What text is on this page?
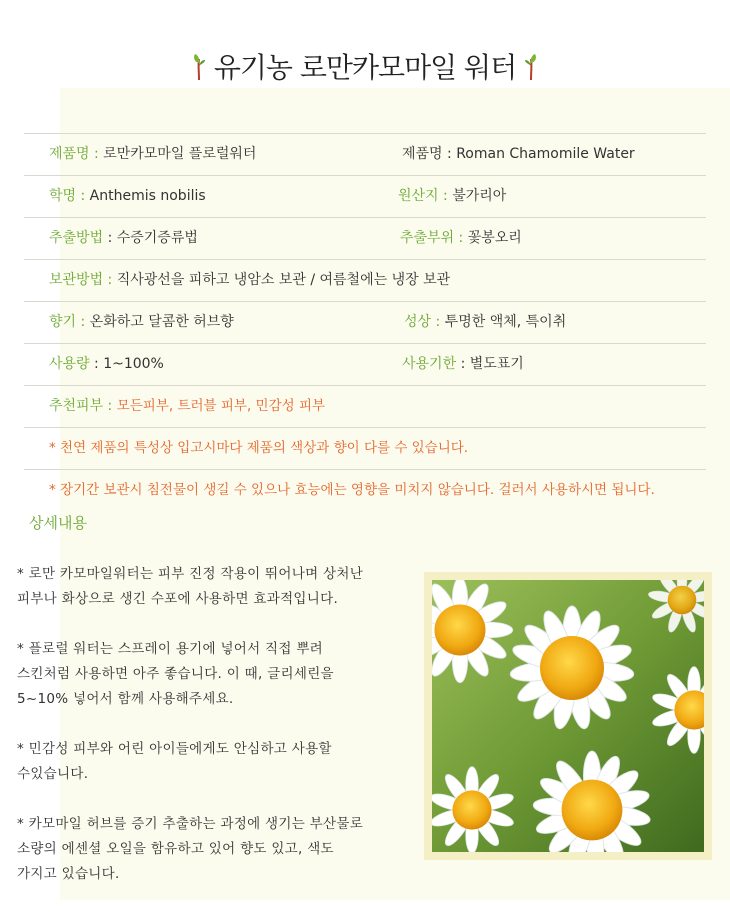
유기농 로만카모마일 워터
제품명 : 로만카모마일 플로럴워터	제품명 : Roman Chamomile Water
학명 : Anthemis nobilis	원산지 : 불가리아
추출방법 : 수증기증류법	추출부위 : 꽃봉오리
보관방법 : 직사광선을 피하고 냉암소 보관 / 여름철에는 냉장 보관
향기 : 온화하고 달콤한 허브향	성상 : 투명한 액체, 특이취
사용량 : 1~100%	사용기한 : 별도표기
추천피부 : 모든피부, 트러블 피부, 민감성 피부
* 천연 제품의 특성상 입고시마다 제품의 색상과 향이 다를 수 있습니다.
* 장기간 보관시 침전물이 생길 수 있으나 효능에는 영향을 미치지 않습니다. 걸러서 사용하시면 됩니다.
상세내용

* 로만 카모마일워터는 피부 진정 작용이 뛰어나며 상처난
피부나 화상으로 생긴 수포에 사용하면 효과적입니다.

* 플로럴 워터는 스프레이 용기에 넣어서 직접 뿌려
스킨처럼 사용하면 아주 좋습니다. 이 때, 글리세린을
5~10% 넣어서 함께 사용해주세요.

* 민감성 피부와 어린 아이들에게도 안심하고 사용할
수있습니다.

* 카모마일 허브를 증기 추출하는 과정에 생기는 부산물로
소량의 에센셜 오일을 함유하고 있어 향도 있고, 색도
가지고 있습니다.
